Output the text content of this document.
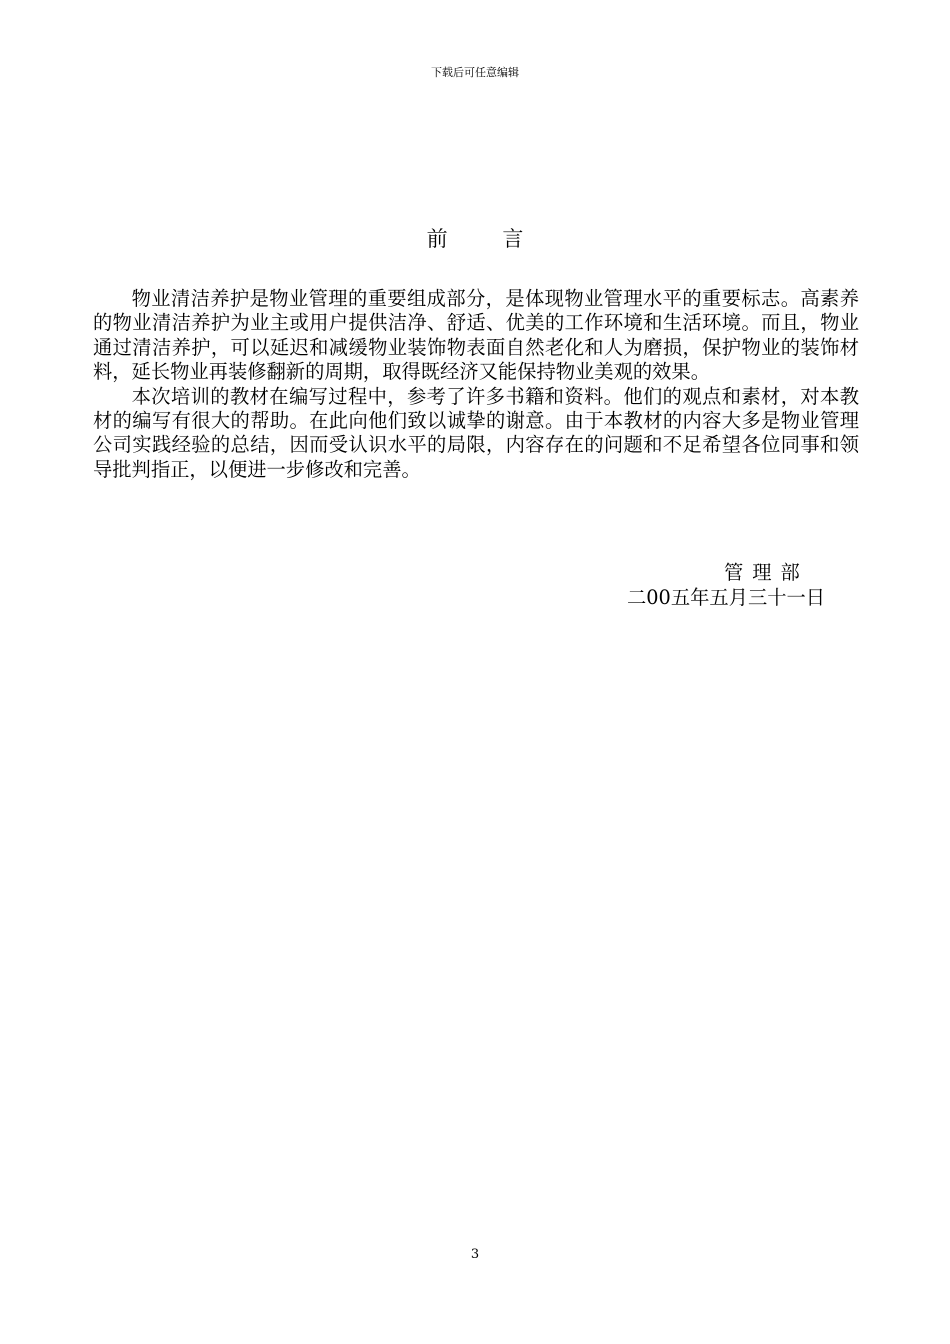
下载后可任意编辑
前 言

物业清洁养护是物业管理的重要组成部分，是体现物业管理水平的重要标志。高素养的物业清洁养护为业主或用户提供洁净、舒适、优美的工作环境和生活环境。而且，物业通过清洁养护，可以延迟和减缓物业装饰物表面自然老化和人为磨损，保护物业的装饰材料，延长物业再装修翻新的周期，取得既经济又能保持物业美观的效果。

本次培训的教材在编写过程中，参考了许多书籍和资料。他们的观点和素材，对本教材的编写有很大的帮助。在此向他们致以诚挚的谢意。由于本教材的内容大多是物业管理公司实践经验的总结，因而受认识水平的局限，内容存在的问题和不足希望各位同事和领导批判指正，以便进一步修改和完善。

管理部
二00五年五月三十一日
3
